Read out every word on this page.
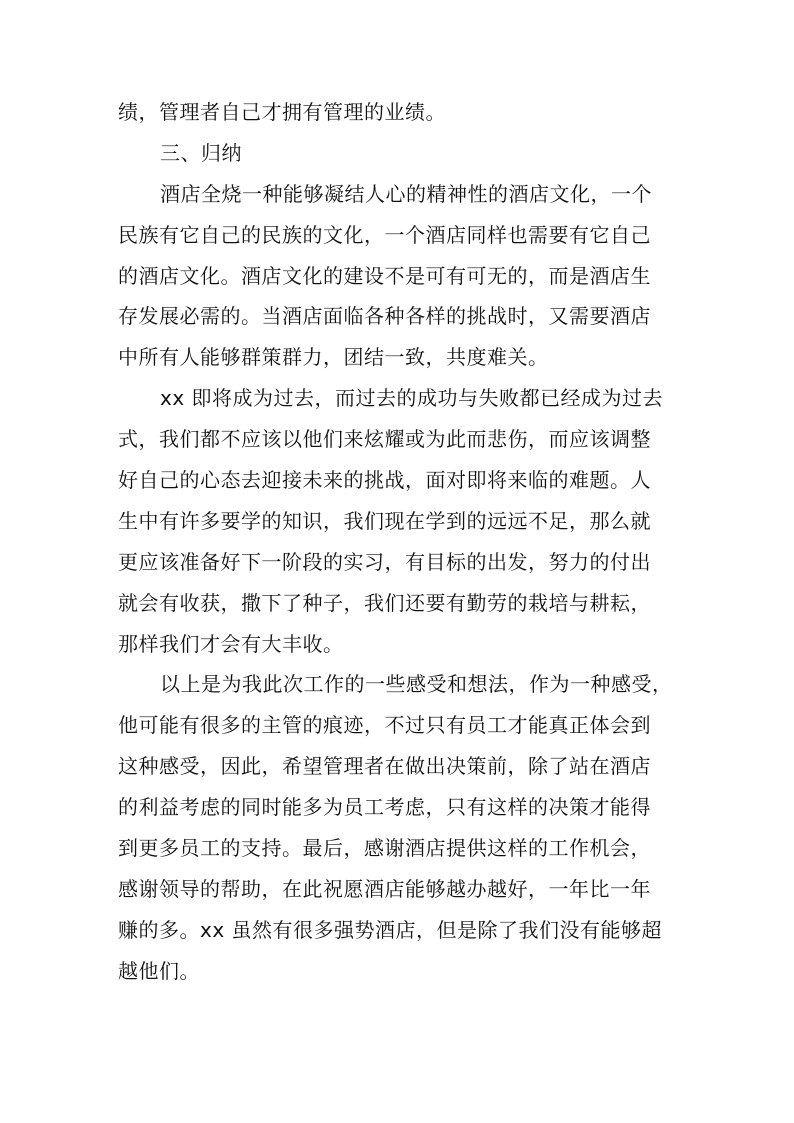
绩，管理者自己才拥有管理的业绩。
三、归纳
酒店全烧一种能够凝结人心的精神性的酒店文化，一个
民族有它自己的民族的文化，一个酒店同样也需要有它自己
的酒店文化。酒店文化的建设不是可有可无的，而是酒店生
存发展必需的。当酒店面临各种各样的挑战时，又需要酒店
中所有人能够群策群力，团结一致，共度难关。
xx 即将成为过去，而过去的成功与失败都已经成为过去
式，我们都不应该以他们来炫耀或为此而悲伤，而应该调整
好自己的心态去迎接未来的挑战，面对即将来临的难题。人
生中有许多要学的知识，我们现在学到的远远不足，那么就
更应该准备好下一阶段的实习，有目标的出发，努力的付出
就会有收获，撒下了种子，我们还要有勤劳的栽培与耕耘，
那样我们才会有大丰收。
以上是为我此次工作的一些感受和想法，作为一种感受，
他可能有很多的主管的痕迹，不过只有员工才能真正体会到
这种感受，因此，希望管理者在做出决策前，除了站在酒店
的利益考虑的同时能多为员工考虑，只有这样的决策才能得
到更多员工的支持。最后，感谢酒店提供这样的工作机会，
感谢领导的帮助，在此祝愿酒店能够越办越好，一年比一年
赚的多。xx 虽然有很多强势酒店，但是除了我们没有能够超
越他们。
